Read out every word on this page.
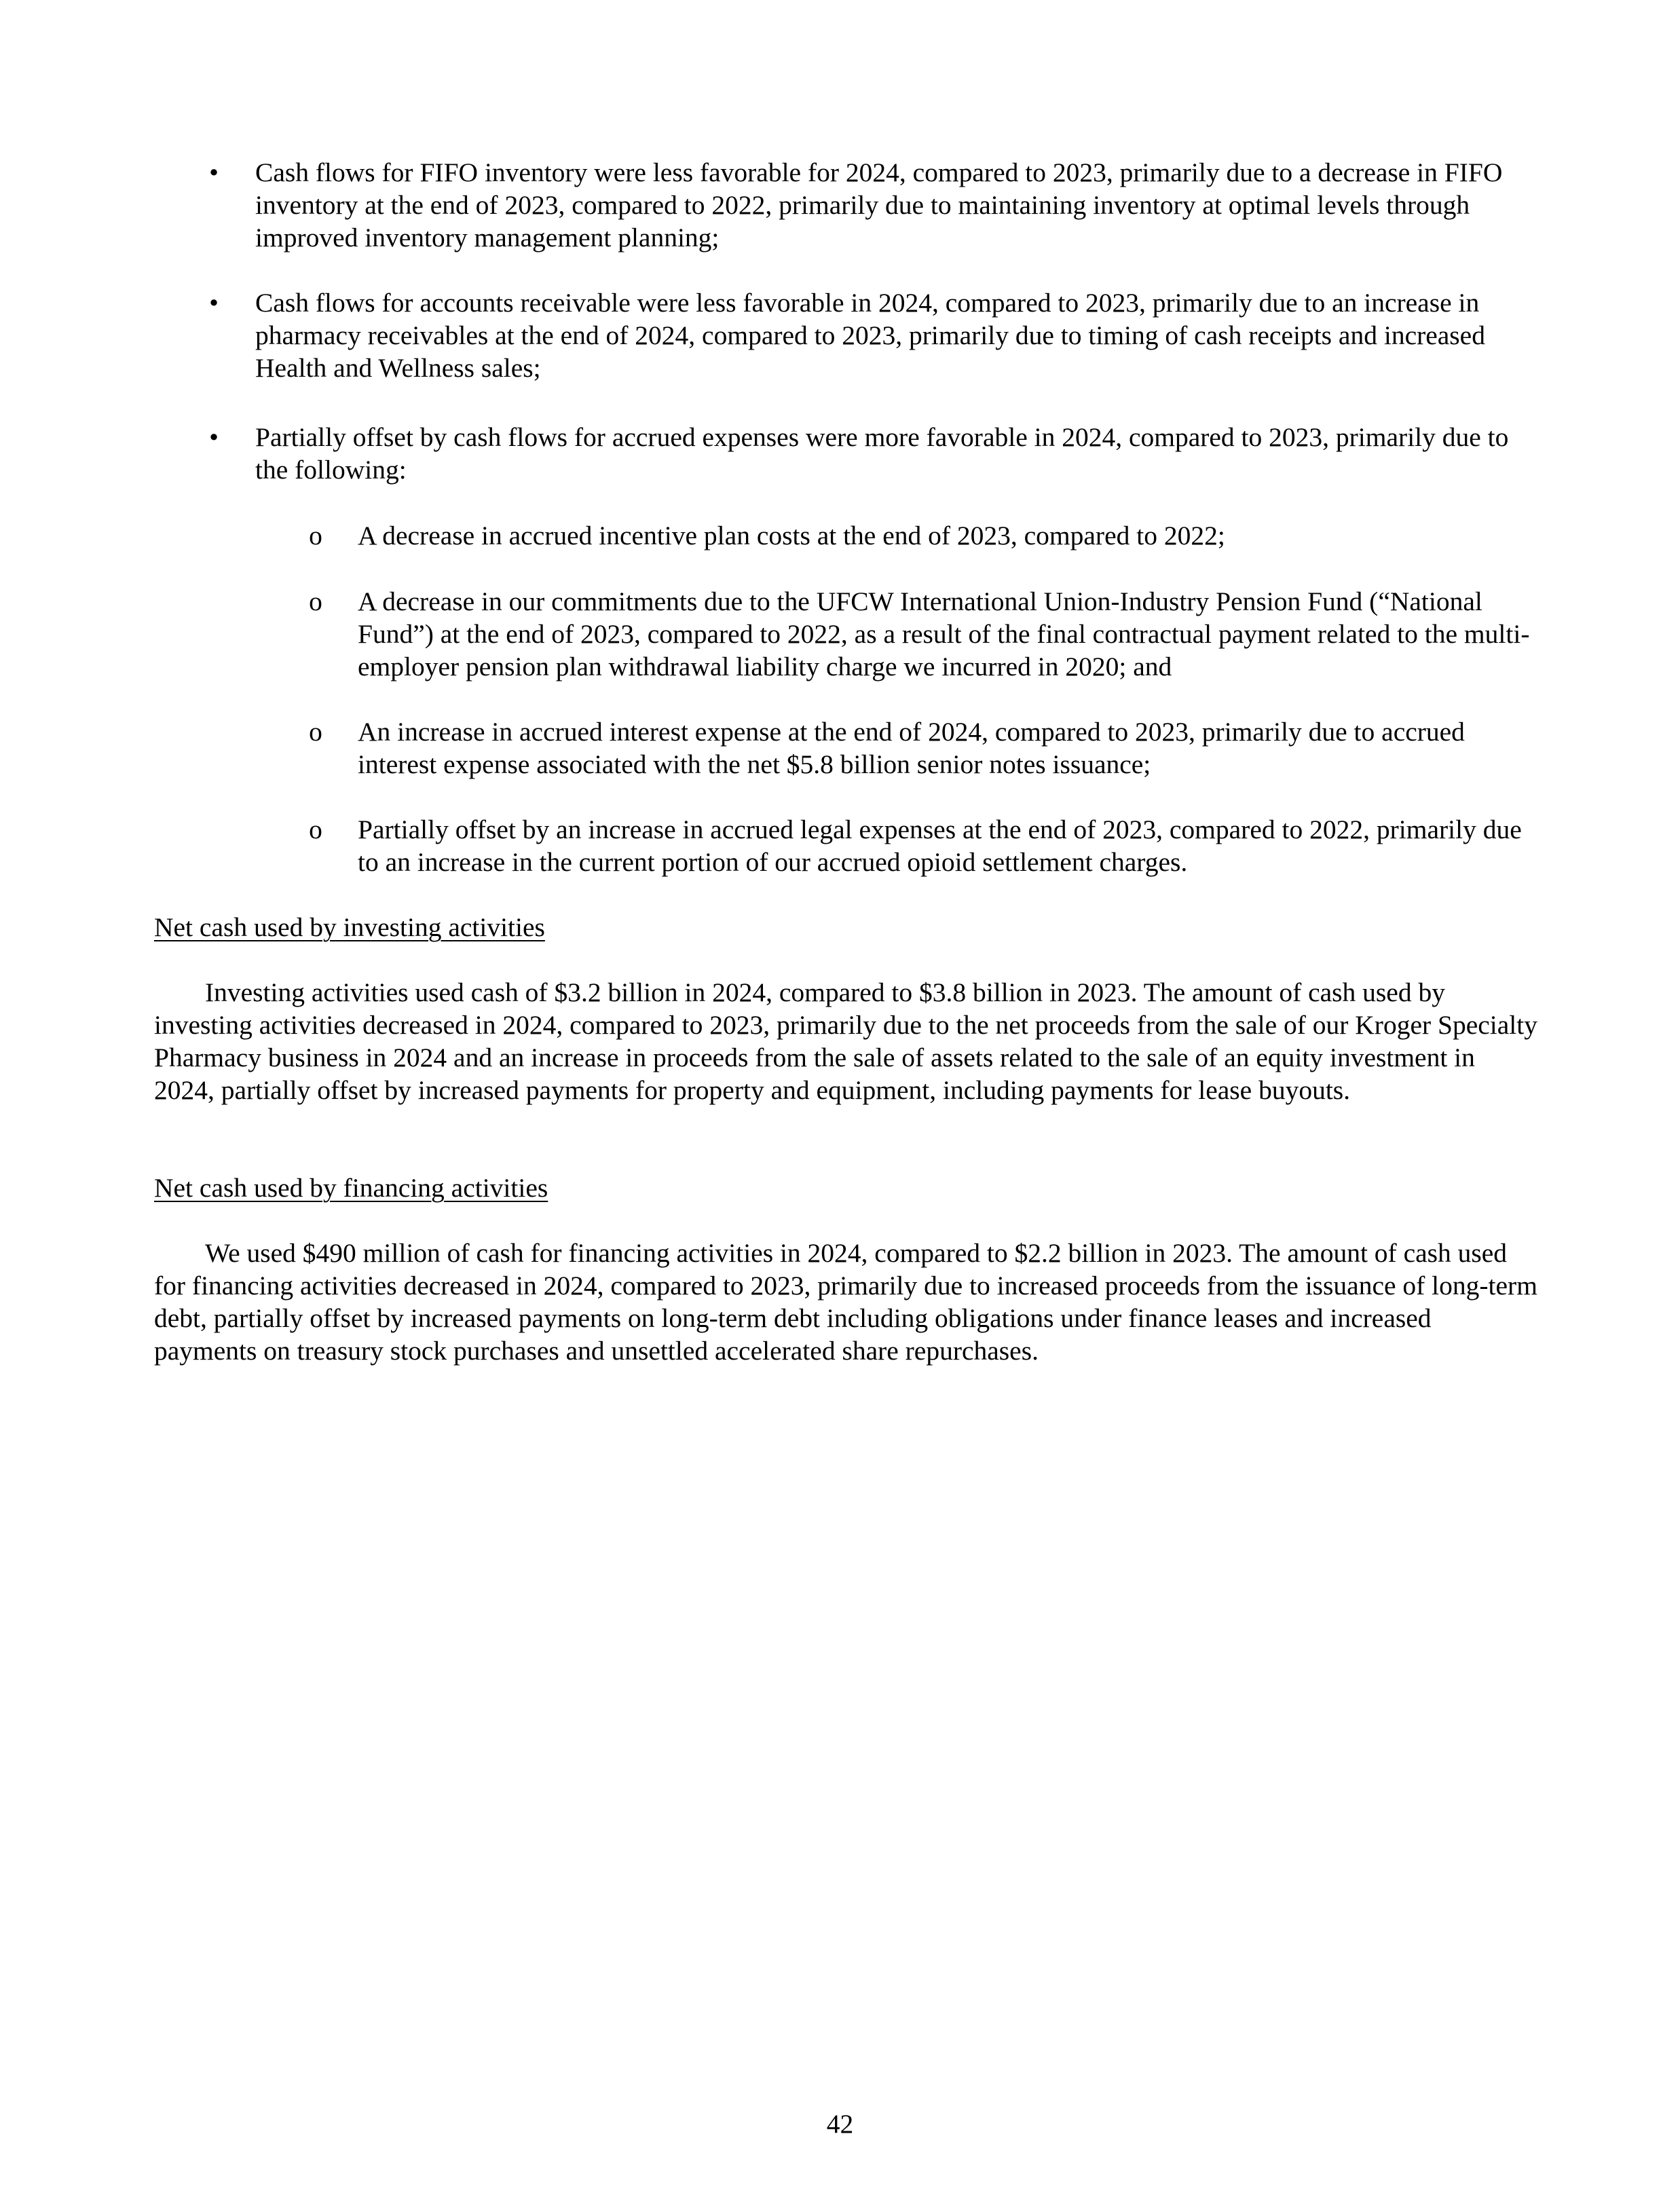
• Cash flows for FIFO inventory were less favorable for 2024, compared to 2023, primarily due to a decrease in FIFO inventory at the end of 2023, compared to 2022, primarily due to maintaining inventory at optimal levels through improved inventory management planning;
• Cash flows for accounts receivable were less favorable in 2024, compared to 2023, primarily due to an increase in pharmacy receivables at the end of 2024, compared to 2023, primarily due to timing of cash receipts and increased Health and Wellness sales;
• Partially offset by cash flows for accrued expenses were more favorable in 2024, compared to 2023, primarily due to the following:
o A decrease in accrued incentive plan costs at the end of 2023, compared to 2022;
o A decrease in our commitments due to the UFCW International Union-Industry Pension Fund (“National Fund”) at the end of 2023, compared to 2022, as a result of the final contractual payment related to the multi-employer pension plan withdrawal liability charge we incurred in 2020; and
o An increase in accrued interest expense at the end of 2024, compared to 2023, primarily due to accrued interest expense associated with the net $5.8 billion senior notes issuance;
o Partially offset by an increase in accrued legal expenses at the end of 2023, compared to 2022, primarily due to an increase in the current portion of our accrued opioid settlement charges.
Net cash used by investing activities
Investing activities used cash of $3.2 billion in 2024, compared to $3.8 billion in 2023. The amount of cash used by investing activities decreased in 2024, compared to 2023, primarily due to the net proceeds from the sale of our Kroger Specialty Pharmacy business in 2024 and an increase in proceeds from the sale of assets related to the sale of an equity investment in 2024, partially offset by increased payments for property and equipment, including payments for lease buyouts.
Net cash used by financing activities
We used $490 million of cash for financing activities in 2024, compared to $2.2 billion in 2023. The amount of cash used for financing activities decreased in 2024, compared to 2023, primarily due to increased proceeds from the issuance of long-term debt, partially offset by increased payments on long-term debt including obligations under finance leases and increased payments on treasury stock purchases and unsettled accelerated share repurchases.
42
